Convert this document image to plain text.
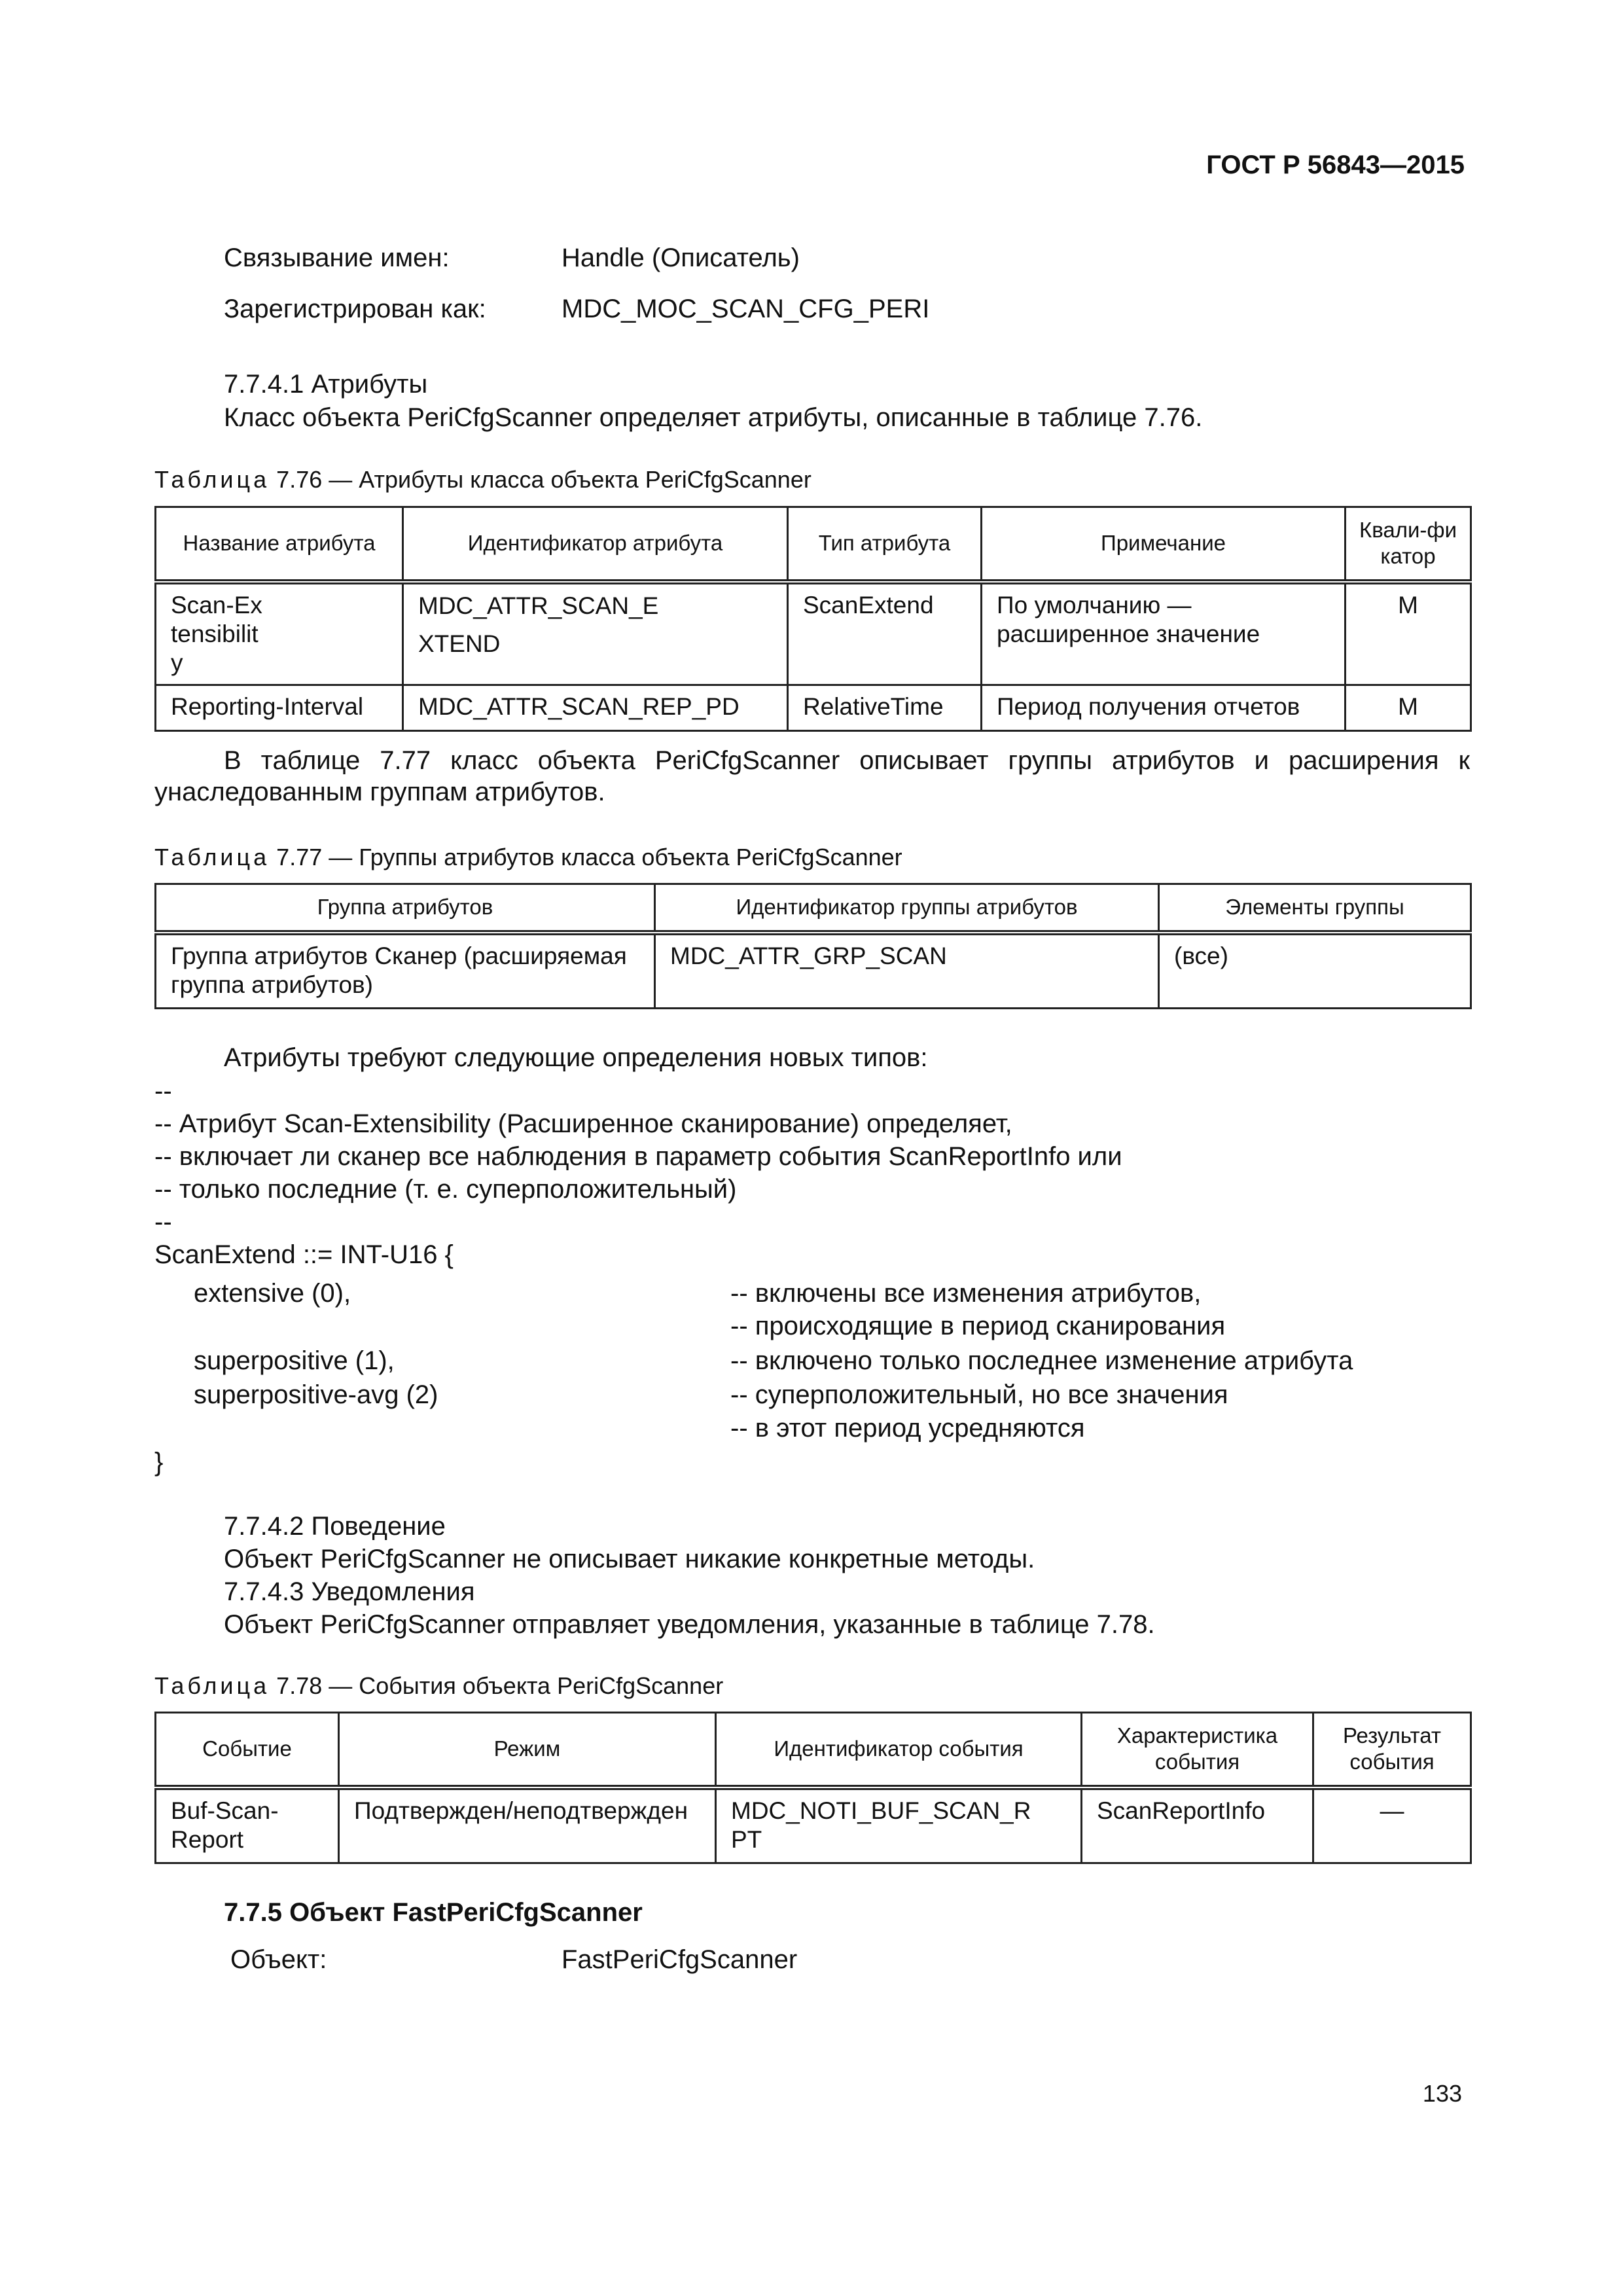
ГОСТ Р 56843—2015
Связывание имен:	Handle (Описатель)
Зарегистрирован как:	MDC_MOC_SCAN_CFG_PERI
7.7.4.1 Атрибуты
Класс объекта PeriCfgScanner определяет атрибуты, описанные в таблице 7.76.
Таблица 7.76 — Атрибуты класса объекта PeriCfgScanner
Название атрибута	Идентификатор атрибута	Тип атрибута	Примечание	Квали-фикатор

Scan-Extensibility	MDC_ATTR_SCAN_EXTEND	ScanExtend	По умолчанию — расширенное значение	M
Reporting-Interval	MDC_ATTR_SCAN_REP_PD	RelativeTime	Период получения отчетов	M
В таблице 7.77 класс объекта PeriCfgScanner описывает группы атрибутов и расширения к унаследованным группам атрибутов.
Таблица 7.77 — Группы атрибутов класса объекта PeriCfgScanner
Группа атрибутов	Идентификатор группы атрибутов	Элементы группы
Группа атрибутов Сканер (расширяемая группа атрибутов)	MDC_ATTR_GRP_SCAN	(все)
Атрибуты требуют следующие определения новых типов:
--
-- Атрибут Scan-Extensibility (Расширенное сканирование) определяет,
-- включает ли сканер все наблюдения в параметр события ScanReportInfo или
-- только последние (т. е. суперположительный)
--
ScanExtend ::= INT-U16 {
extensive (0),	-- включены все изменения атрибутов,
-- происходящие в период сканирования
superpositive (1),	-- включено только последнее изменение атрибута
superpositive-avg (2)	-- суперположительный, но все значения
-- в этот период усредняются
}
7.7.4.2 Поведение
Объект PeriCfgScanner не описывает никакие конкретные методы.
7.7.4.3 Уведомления
Объект PeriCfgScanner отправляет уведомления, указанные в таблице 7.78.
Таблица 7.78 — События объекта PeriCfgScanner
Событие	Режим	Идентификатор события	Характеристика события	Результат события

Buf-Scan-Report	Подтвержден/неподтвержден	MDC_NOTI_BUF_SCAN_RPT	ScanReportInfo	—
7.7.5 Объект FastPeriCfgScanner
Объект:	FastPeriCfgScanner
133
